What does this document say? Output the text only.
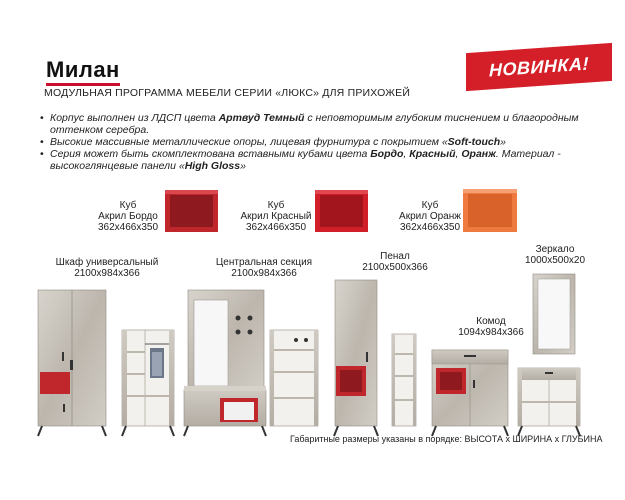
Милан
МОДУЛЬНАЯ ПРОГРАММА МЕБЕЛИ СЕРИИ «ЛЮКС» ДЛЯ ПРИХОЖЕЙ
НОВИНКА!
• Корпус выполнен из ЛДСП цвета Артвуд Темный с неповторимым глубоким тиснением и благородным оттенком серебра.
• Высокие массивные металлические опоры, лицевая фурнитура с покрытием «Soft-touch»
• Серия может быть скомплектована вставными кубами цвета Бордо, Красный, Оранж. Материал - высокоглянцевые панели «High Gloss»
Куб
Акрил Бордо
362x466x350
Куб
Акрил Красный
362x466x350
Куб
Акрил Оранж
362x466x350
Шкаф универсальный
2100x984x366
Центральная секция
2100x984x366
Пенал
2100x500x366
Зеркало
1000x500x20
Комод
1094x984x366
Габаритные размеры указаны в порядке: ВЫСОТА x ШИРИНА x ГЛУБИНА
